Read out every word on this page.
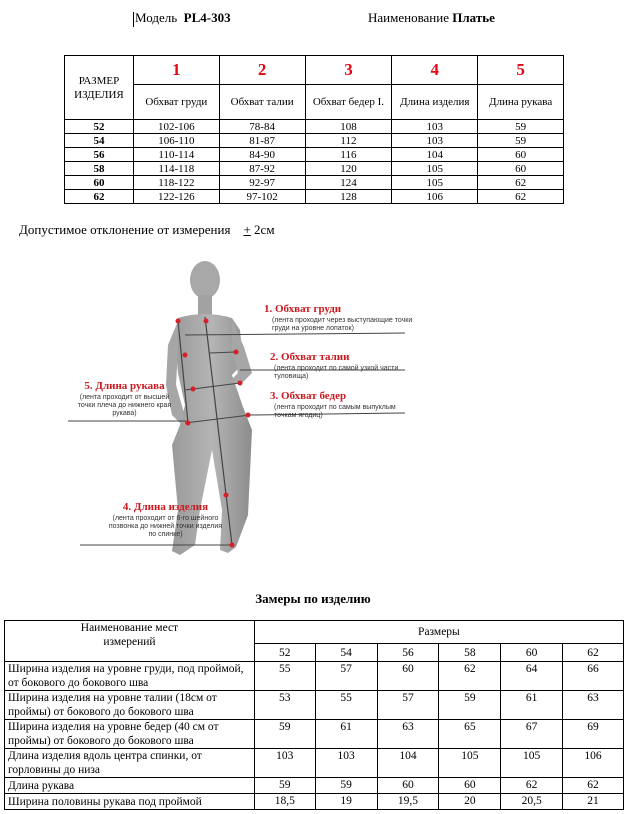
Модель PL4-303	Наименование Платье
РАЗМЕР ИЗДЕЛИЯ	1	2	3	4	5
	Обхват груди	Обхват талии	Обхват бедер I.	Длина изделия	Длина рукава
52	102-106	78-84	108	103	59
54	106-110	81-87	112	103	59
56	110-114	84-90	116	104	60
58	114-118	87-92	120	105	60
60	118-122	92-97	124	105	62
62	122-126	97-102	128	106	62
Допустимое отклонение от измерения + 2см
1. Обхват груди
(лента проходит через выступающие точки груди на уровне лопаток)
2. Обхват талии
(лента проходит по самой узкой части туловища)
3. Обхват бедер
(лента проходит по самым выпуклым точкам ягодиц)
5. Длина рукава
(лента проходит от высшей точки плеча до нижнего края рукава)
4. Длина изделия
(лента проходит от 6-го шейного позвонка до нижней точки изделия по спинке)
Замеры по изделию
Наименование мест измерений	Размеры					
	52	54	56	58	60	62
Ширина изделия на уровне груди, под проймой, от бокового до бокового шва	55	57	60	62	64	66
Ширина изделия на уровне талии (18см от проймы) от бокового до бокового шва	53	55	57	59	61	63
Ширина изделия на уровне бедер (40 см от проймы) от бокового до бокового шва	59	61	63	65	67	69
Длина изделия вдоль центра спинки, от горловины до низа	103	103	104	105	105	106
Длина рукава	59	59	60	60	62	62
Ширина половины рукава под проймой	18,5	19	19,5	20	20,5	21
